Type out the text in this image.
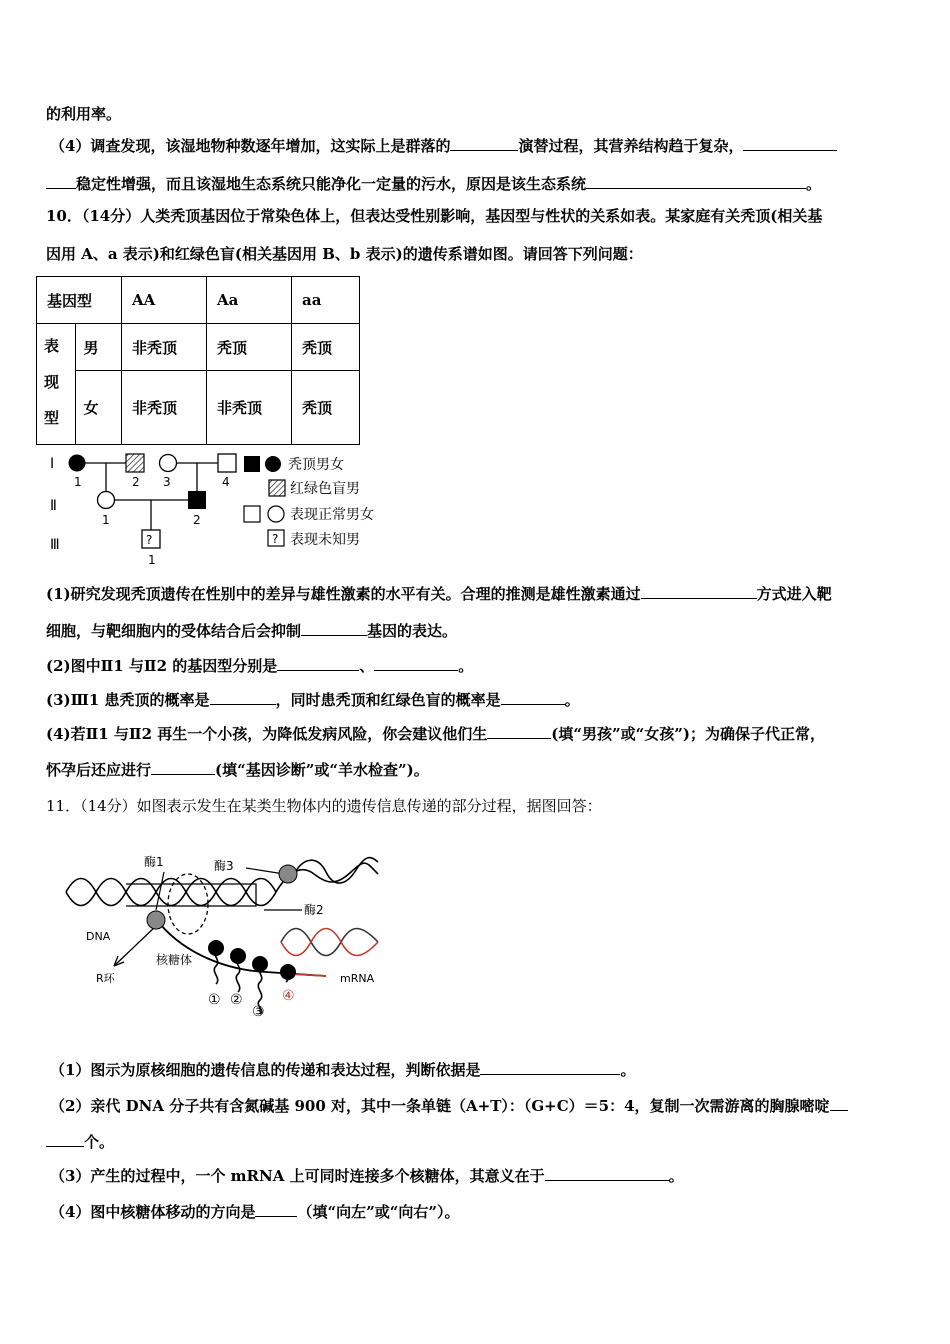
的利用率。
（4）调查发现，该湿地物种数逐年增加，这实际上是群落的	演替过程，其营养结构趋于复杂，
稳定性增强，而且该湿地生态系统只能净化一定量的污水，原因是该生态系统	。
10．（14分）人类秃顶基因位于常染色体上，但表达受性别影响，基因型与性状的关系如表。某家庭有关秃顶(相关基
因用 A、a 表示)和红绿色盲(相关基因用 B、b 表示)的遗传系谱如图。请回答下列问题：
基因型		AA	Aa	aa

表
现
型	男	非秃顶	秃顶	秃顶
	女	非秃顶	非秃顶	秃顶
Ⅰ
Ⅱ
Ⅲ
1	2 3	4
1	2
?
1
秃顶男女
红绿色盲男
表现正常男女
? 表现未知男
(1)研究发现秃顶遗传在性别中的差异与雄性激素的水平有关。合理的推测是雄性激素通过	方式进入靶
细胞，与靶细胞内的受体结合后会抑制	基因的表达。
(2)图中Ⅱ1 与Ⅱ2 的基因型分别是	、	。
(3)Ⅲ1 患秃顶的概率是	，同时患秃顶和红绿色盲的概率是	。
(4)若Ⅱ1 与Ⅱ2 再生一个小孩，为降低发病风险，你会建议他们生	(填“男孩”或“女孩”)；为确保子代正常，
怀孕后还应进行	(填“基因诊断”或“羊水检查”)。
11．（14分）如图表示发生在某类生物体内的遗传信息传递的部分过程，据图回答：
酶1	酶3
酶2
DNA
核糖体
R环	mRNA
① ②
③
④
（1）图示为原核细胞的遗传信息的传递和表达过程，判断依据是	。
（2）亲代 DNA 分子共有含氮碱基 900 对，其中一条单链（A+T）：（G+C）＝5：4，复制一次需游离的胸腺嘧啶
个。
（3）产生的过程中，一个 mRNA 上可同时连接多个核糖体，其意义在于	。
（4）图中核糖体移动的方向是	（填“向左”或“向右”）。
